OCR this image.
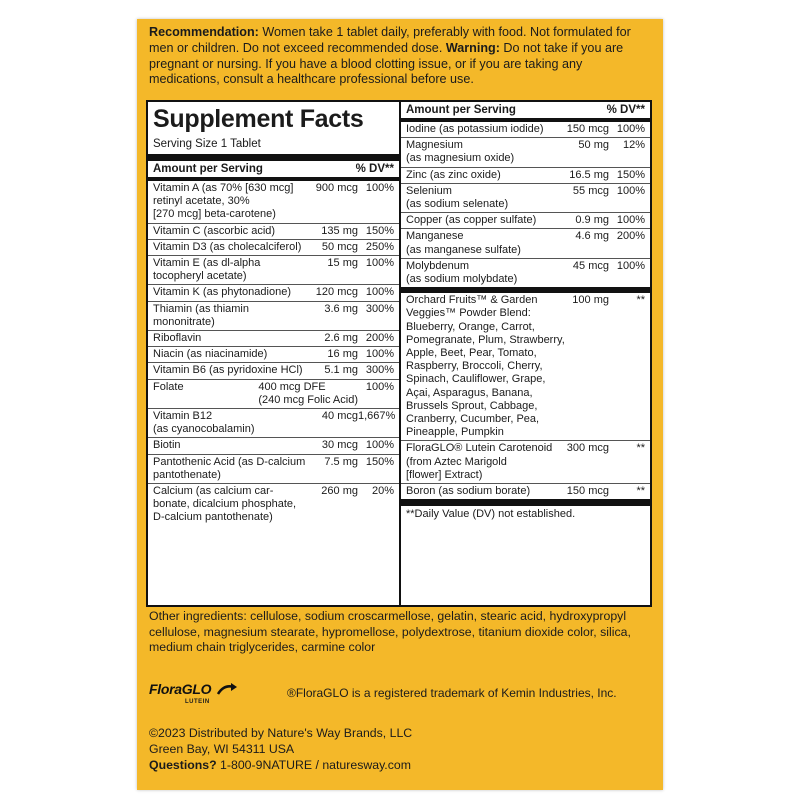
Recommendation: Women take 1 tablet daily, preferably with food. Not formulated for men or children. Do not exceed recommended dose. Warning: Do not take if you are pregnant or nursing. If you have a blood clotting issue, or if you are taking any medications, consult a healthcare professional before use.
Supplement Facts
Serving Size 1 Tablet
Amount per Serving	% DV**
Vitamin A (as 70% [630 mcg]
retinyl acetate, 30%
[270 mcg] beta-carotene)
900 mcg 100%
Vitamin C (ascorbic acid)	135 mg 150%
Vitamin D3 (as cholecalciferol)	50 mcg 250%
Vitamin E (as dl-alpha
tocopheryl acetate)
15 mg 100%
Vitamin K (as phytonadione)	120 mcg 100%
Thiamin (as thiamin
mononitrate)
3.6 mg 300%
Riboflavin	2.6 mg 200%
Niacin (as niacinamide)	16 mg 100%
Vitamin B6 (as pyridoxine HCl)	5.1 mg 300%
Folate	400 mcg DFE
(240 mcg Folic Acid)
100%
Vitamin B12
(as cyanocobalamin)
40 mcg 1,667%
Biotin	30 mcg 100%
Pantothenic Acid (as D-calcium
pantothenate)
7.5 mg 150%
Calcium (as calcium car-
bonate, dicalcium phosphate,
D-calcium pantothenate)
260 mg	20%
Amount per Serving	% DV**
Iodine (as potassium iodide)	150 mcg 100%
Magnesium
(as magnesium oxide)
50 mg	12%
Zinc (as zinc oxide)	16.5 mg 150%
Selenium
(as sodium selenate)
55 mcg 100%
Copper (as copper sulfate)	0.9 mg 100%
Manganese
(as manganese sulfate)
4.6 mg 200%
Molybdenum
(as sodium molybdate)
45 mcg 100%
Orchard Fruits™ & Garden
Veggies™ Powder Blend:
Blueberry, Orange, Carrot,
Pomegranate, Plum, Strawberry,
Apple, Beet, Pear, Tomato,
Raspberry, Broccoli, Cherry,
Spinach, Cauliflower, Grape,
Açai, Asparagus, Banana,
Brussels Sprout, Cabbage,
Cranberry, Cucumber, Pea,
Pineapple, Pumpkin
100 mg	**
FloraGLO® Lutein Carotenoid
(from Aztec Marigold
[flower] Extract)
300 mcg	**
Boron (as sodium borate)	150 mcg	**
**Daily Value (DV) not established.
Other ingredients: cellulose, sodium croscarmellose, gelatin, stearic acid, hydroxypropyl cellulose, magnesium stearate, hypromellose, polydextrose, titanium dioxide color, silica, medium chain triglycerides, carmine color
FloraGLO
LUTEIN
®FloraGLO is a registered trademark of Kemin Industries, Inc.
©2023 Distributed by Nature's Way Brands, LLC
Green Bay, WI 54311 USA
Questions? 1-800-9NATURE / naturesway.com
